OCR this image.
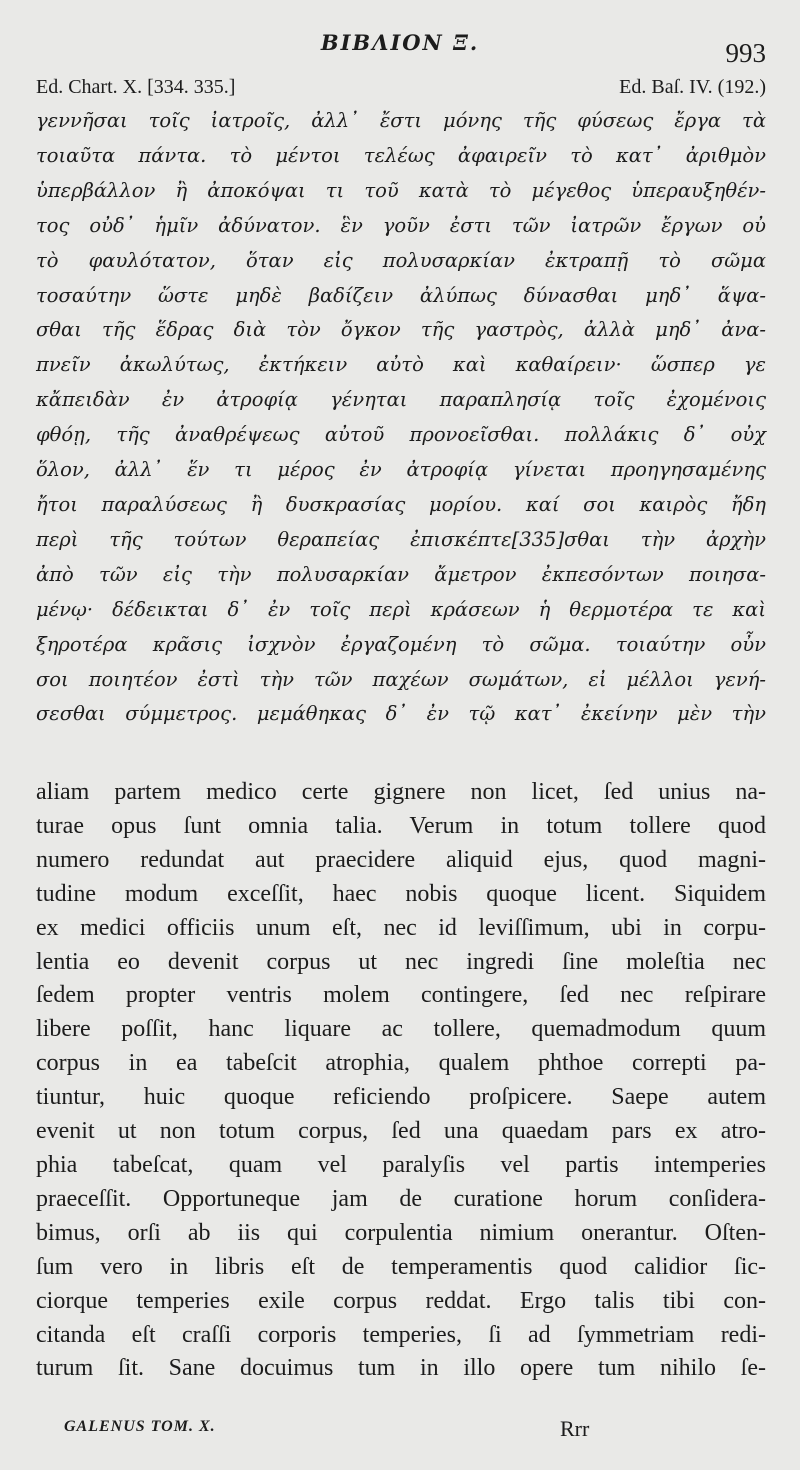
ΒΙΒΛΙΟΝ Ξ.	993
Ed. Chart. X. [334. 335.]	Ed. Baſ. IV. (192.)
γεννῆσαι τοῖς ἰατροῖς, ἀλλ᾽ ἔστι μόνης τῆς φύσεως ἔργα τὰ
τοιαῦτα πάντα. τὸ μέντοι τελέως ἀφαιρεῖν τὸ κατ᾽ ἀριθμὸν
ὑπερβάλλον ἢ ἀποκόψαι τι τοῦ κατὰ τὸ μέγεθος ὑπεραυξηθέν-
τος οὐδ᾽ ἡμῖν ἀδύνατον. ἓν γοῦν ἐστι τῶν ἰατρῶν ἔργων οὐ
τὸ φαυλότατον, ὅταν εἰς πολυσαρκίαν ἐκτραπῇ τὸ σῶμα
τοσαύτην ὥστε μηδὲ βαδίζειν ἀλύπως δύνασθαι μηδ᾽ ἅψα-
σθαι τῆς ἕδρας διὰ τὸν ὄγκον τῆς γαστρὸς, ἀλλὰ μηδ᾽ ἀνα-
πνεῖν ἀκωλύτως, ἐκτήκειν αὐτὸ καὶ καθαίρειν· ὥσπερ γε
κἄπειδὰν ἐν ἀτροφίᾳ γένηται παραπλησίᾳ τοῖς ἐχομένοις
φθόῃ, τῆς ἀναθρέψεως αὐτοῦ προνοεῖσθαι. πολλάκις δ᾽ οὐχ
ὅλον, ἀλλ᾽ ἕν τι μέρος ἐν ἀτροφίᾳ γίνεται προηγησαμένης
ἤτοι παραλύσεως ἢ δυσκρασίας μορίου. καί σοι καιρὸς ἤδη
περὶ τῆς τούτων θεραπείας ἐπισκέπτε[335]σθαι τὴν ἀρχὴν
ἀπὸ τῶν εἰς τὴν πολυσαρκίαν ἄμετρον ἐκπεσόντων ποιησα-
μένῳ· δέδεικται δ᾽ ἐν τοῖς περὶ κράσεων ἡ θερμοτέρα τε καὶ
ξηροτέρα κρᾶσις ἰσχνὸν ἐργαζομένη τὸ σῶμα. τοιαύτην οὖν
σοι ποιητέον ἐστὶ τὴν τῶν παχέων σωμάτων, εἰ μέλλοι γενή-
σεσθαι σύμμετρος. μεμάθηκας δ᾽ ἐν τῷ κατ᾽ ἐκείνην μὲν τὴν
aliam partem medico certe gignere non licet, ſed unius na-
turae opus ſunt omnia talia. Verum in totum tollere quod
numero redundat aut praecidere aliquid ejus, quod magni-
tudine modum exceſſit, haec nobis quoque licent. Siquidem
ex medici officiis unum eſt, nec id leviſſimum, ubi in corpu-
lentia eo devenit corpus ut nec ingredi ſine moleſtia nec
ſedem propter ventris molem contingere, ſed nec reſpirare
libere poſſit, hanc liquare ac tollere, quemadmodum quum
corpus in ea tabeſcit atrophia, qualem phthoe correpti pa-
tiuntur, huic quoque reficiendo proſpicere. Saepe autem
evenit ut non totum corpus, ſed una quaedam pars ex atro-
phia tabeſcat, quam vel paralyſis vel partis intemperies
praeceſſit. Opportuneque jam de curatione horum conſidera-
bimus, orſi ab iis qui corpulentia nimium onerantur. Oſten-
ſum vero in libris eſt de temperamentis quod calidior ſic-
ciorque temperies exile corpus reddat. Ergo talis tibi con-
citanda eſt craſſi corporis temperies, ſi ad ſymmetriam redi-
turum ſit. Sane docuimus tum in illo opere tum nihilo ſe-
GALENUS TOM. X.	Rrr
